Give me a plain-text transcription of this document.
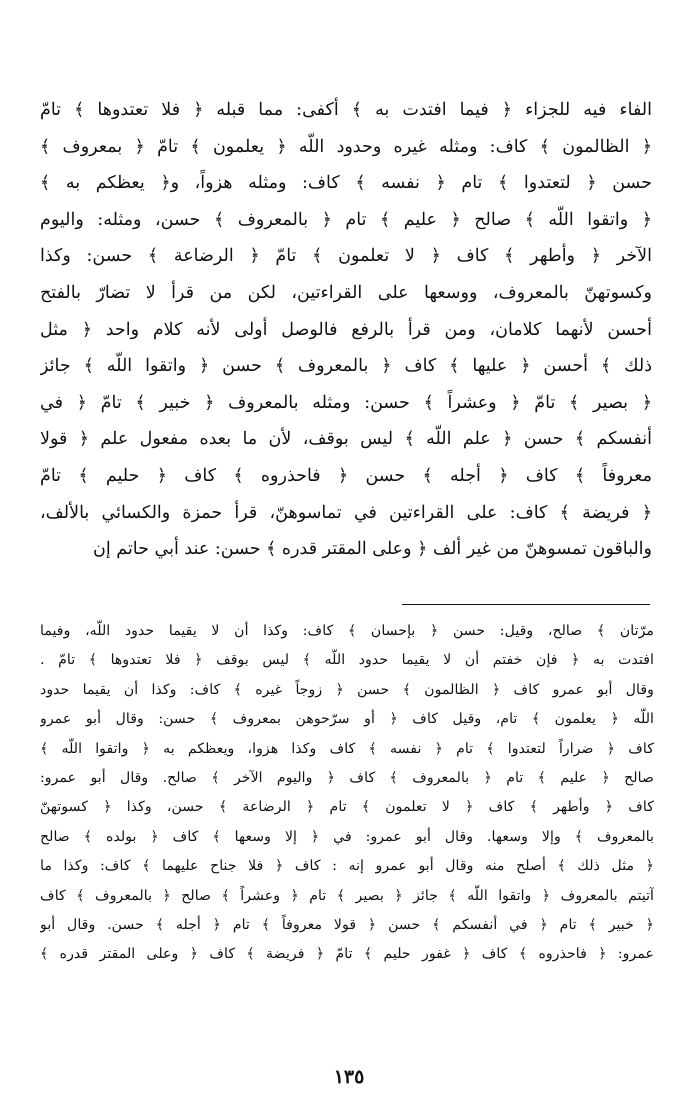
الفاء فيه للجزاء ﴿ فيما افتدت به ﴾ أكفى: مما قبله ﴿ فلا تعتدوها ﴾ تامّ
﴿ الظالمون ﴾ كاف: ومثله غيره وحدود اللّه ﴿ يعلمون ﴾ تامّ ﴿ بمعروف ﴾
حسن ﴿ لتعتدوا ﴾ تام ﴿ نفسه ﴾ كاف: ومثله هزواً، و﴿ يعظكم به ﴾
﴿ واتقوا اللّه ﴾ صالح ﴿ عليم ﴾ تام ﴿ بالمعروف ﴾ حسن، ومثله: واليوم
الآخر ﴿ وأطهر ﴾ كاف ﴿ لا تعلمون ﴾ تامّ ﴿ الرضاعة ﴾ حسن: وكذا
وكسوتهنّ بالمعروف، ووسعها على القراءتين، لكن من قرأ لا تضارّ بالفتح
أحسن لأنهما كلامان، ومن قرأ بالرفع فالوصل أولى لأنه كلام واحد ﴿ مثل
ذلك ﴾ أحسن ﴿ عليها ﴾ كاف ﴿ بالمعروف ﴾ حسن ﴿ واتقوا اللّه ﴾ جائز
﴿ بصير ﴾ تامّ ﴿ وعشراً ﴾ حسن: ومثله بالمعروف ﴿ خبير ﴾ تامّ ﴿ في
أنفسكم ﴾ حسن ﴿ علم اللّه ﴾ ليس بوقف، لأن ما بعده مفعول علم ﴿ قولا
معروفاً ﴾ كاف ﴿ أجله ﴾ حسن ﴿ فاحذروه ﴾ كاف ﴿ حليم ﴾ تامّ
﴿ فريضة ﴾ كاف: على القراءتين في تماسوهنّ، قرأ حمزة والكسائي بالألف،
والباقون تمسوهنّ من غير ألف ﴿ وعلى المقتر قدره ﴾ حسن: عند أبي حاتم إن
مرّتان ﴾ صالح، وقيل: حسن ﴿ بإحسان ﴾ كاف: وكذا أن لا يقيما حدود اللّه، وفيما
افتدت به ﴿ فإن خفتم أن لا يقيما حدود اللّه ﴾ ليس بوقف ﴿ فلا تعتدوها ﴾ تامّ .
وقال أبو عمرو كاف ﴿ الظالمون ﴾ حسن ﴿ زوجاً غيره ﴾ كاف: وكذا أن يقيما حدود
اللّه ﴿ يعلمون ﴾ تام، وقيل كاف ﴿ أو سرّحوهن بمعروف ﴾ حسن: وقال أبو عمرو
كاف ﴿ ضراراً لتعتدوا ﴾ تام ﴿ نفسه ﴾ كاف وكذا هزوا، ويعظكم به ﴿ واتقوا اللّه ﴾
صالح ﴿ عليم ﴾ تام ﴿ بالمعروف ﴾ كاف ﴿ واليوم الآخر ﴾ صالح. وقال أبو عمرو:
كاف ﴿ وأطهر ﴾ كاف ﴿ لا تعلمون ﴾ تام ﴿ الرضاعة ﴾ حسن، وكذا ﴿ كسوتهنّ
بالمعروف ﴾ وإلا وسعها. وقال أبو عمرو: في ﴿ إلا وسعها ﴾ كاف ﴿ بولده ﴾ صالح
﴿ مثل ذلك ﴾ أصلح منه وقال أبو عمرو إنه : كاف ﴿ فلا جناح عليهما ﴾ كاف: وكذا ما
آتيتم بالمعروف ﴿ واتقوا اللّه ﴾ جائز ﴿ بصير ﴾ تام ﴿ وعشراً ﴾ صالح ﴿ بالمعروف ﴾ كاف
﴿ خبير ﴾ تام ﴿ في أنفسكم ﴾ حسن ﴿ قولا معروفاً ﴾ تام ﴿ أجله ﴾ حسن. وقال أبو
عمرو: ﴿ فاحذروه ﴾ كاف ﴿ غفور حليم ﴾ تامّ ﴿ فريضة ﴾ كاف ﴿ وعلى المقتر قدره ﴾
١٣٥
